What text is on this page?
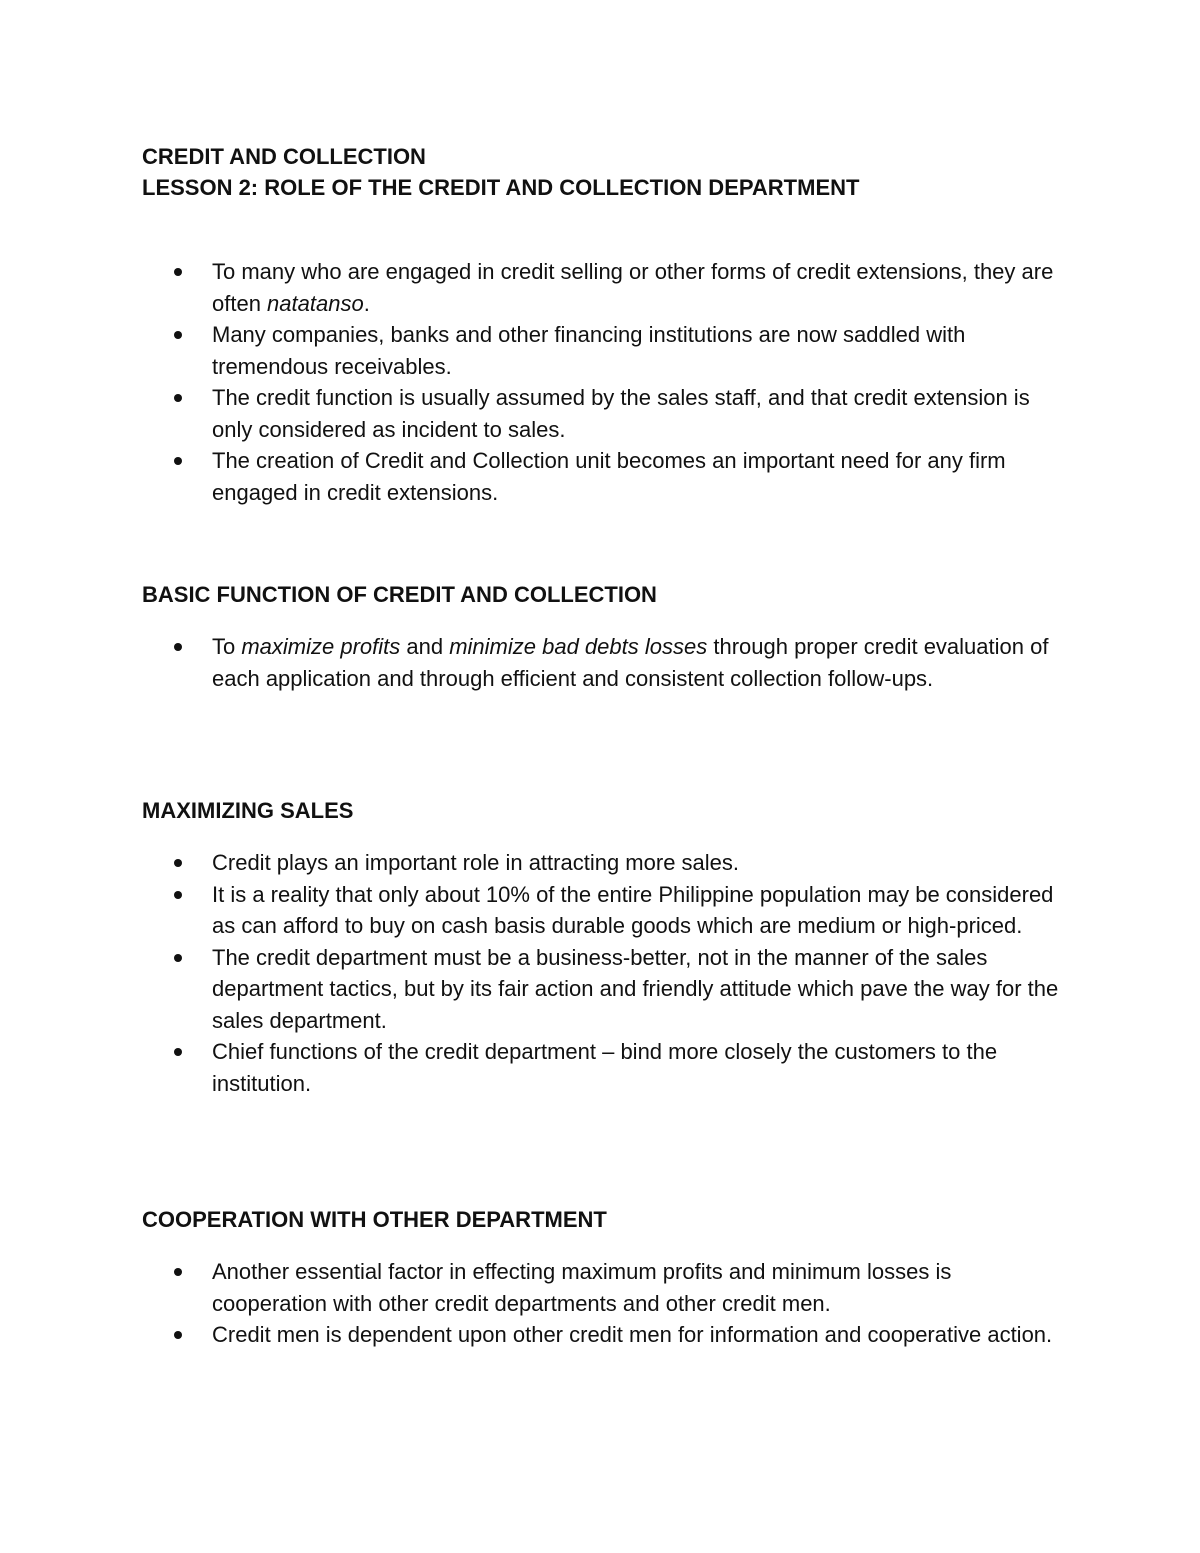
CREDIT AND COLLECTION
LESSON 2: ROLE OF THE CREDIT AND COLLECTION DEPARTMENT
To many who are engaged in credit selling or other forms of credit extensions, they are often natatanso.
Many companies, banks and other financing institutions are now saddled with tremendous receivables.
The credit function is usually assumed by the sales staff, and that credit extension is only considered as incident to sales.
The creation of Credit and Collection unit becomes an important need for any firm engaged in credit extensions.
BASIC FUNCTION OF CREDIT AND COLLECTION
To maximize profits and minimize bad debts losses through proper credit evaluation of each application and through efficient and consistent collection follow-ups.
MAXIMIZING SALES
Credit plays an important role in attracting more sales.
It is a reality that only about 10% of the entire Philippine population may be considered as can afford to buy on cash basis durable goods which are medium or high-priced.
The credit department must be a business-better, not in the manner of the sales department tactics, but by its fair action and friendly attitude which pave the way for the sales department.
Chief functions of the credit department – bind more closely the customers to the institution.
COOPERATION WITH OTHER DEPARTMENT
Another essential factor in effecting maximum profits and minimum losses is cooperation with other credit departments and other credit men.
Credit men is dependent upon other credit men for information and cooperative action.
